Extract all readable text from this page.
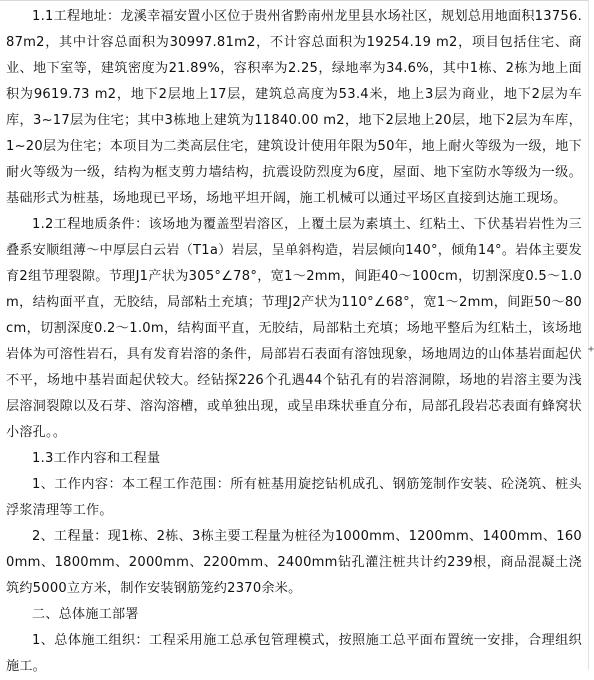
1.1工程地址：龙溪幸福安置小区位于贵州省黔南州龙里县水场社区，规划总用地面积13756.87m2，其中计容总面积为30997.81m2，不计容总面积为19254.19 m2，项目包括住宅、商业、地下室等，建筑密度为21.89%，容积率为2.25，绿地率为34.6%，其中1栋、2栋为地上面积为9619.73 m2，地下2层地上17层，建筑总高度为53.4米，地上3层为商业，地下2层为车库，3~17层为住宅；其中3栋地上建筑为11840.00 m2，地下2层地上20层，地下2层为车库，1~20层为住宅；本项目为二类高层住宅，建筑设计使用年限为50年，地上耐火等级为一级，地下耐火等级为一级，结构为框支剪力墙结构，抗震设防烈度为6度，屋面、地下室防水等级为一级。基础形式为桩基，场地现已平场，场地平坦开阔，施工机械可以通过平场区直接到达施工现场。

1.2工程地质条件：该场地为覆盖型岩溶区，上覆土层为素填土、红粘土、下伏基岩岩性为三叠系安顺组薄～中厚层白云岩（T1a）岩层，呈单斜构造，岩层倾向140°，倾角14°。岩体主要发育2组节理裂隙。节理J1产状为305°∠78°，宽1～2mm，间距40～100cm，切割深度0.5～1.0m，结构面平直，无胶结，局部粘土充填；节理J2产状为110°∠68°，宽1～2mm，间距50～80cm，切割深度0.2～1.0m，结构面平直，无胶结，局部粘土充填；场地平整后为红粘土，该场地岩体为可溶性岩石，具有发育岩溶的条件，局部岩石表面有溶蚀现象，场地周边的山体基岩面起伏不平，场地中基岩面起伏较大。经钻探226个孔遇44个钻孔有的岩溶洞隙，场地的岩溶主要为浅层溶洞裂隙以及石芽、溶沟溶槽，或单独出现，或呈串珠状垂直分布，局部孔段岩芯表面有蜂窝状小溶孔。。

1.3工作内容和工程量

1、工作内容：本工程工作范围：所有桩基用旋挖钻机成孔、钢筋笼制作安装、砼浇筑、桩头浮浆清理等工作。

2、工程量：现1栋、2栋、3栋主要工程量为桩径为1000mm、1200mm、1400mm、1600mm、1800mm、2000mm、2200mm、2400mm钻孔灌注桩共计约239根，商品混凝土浇筑约5000立方米，制作安装钢筋笼约2370余米。

二、总体施工部署

1、总体施工组织：工程采用施工总承包管理模式，按照施工总平面布置统一安排，合理组织施工。

+
